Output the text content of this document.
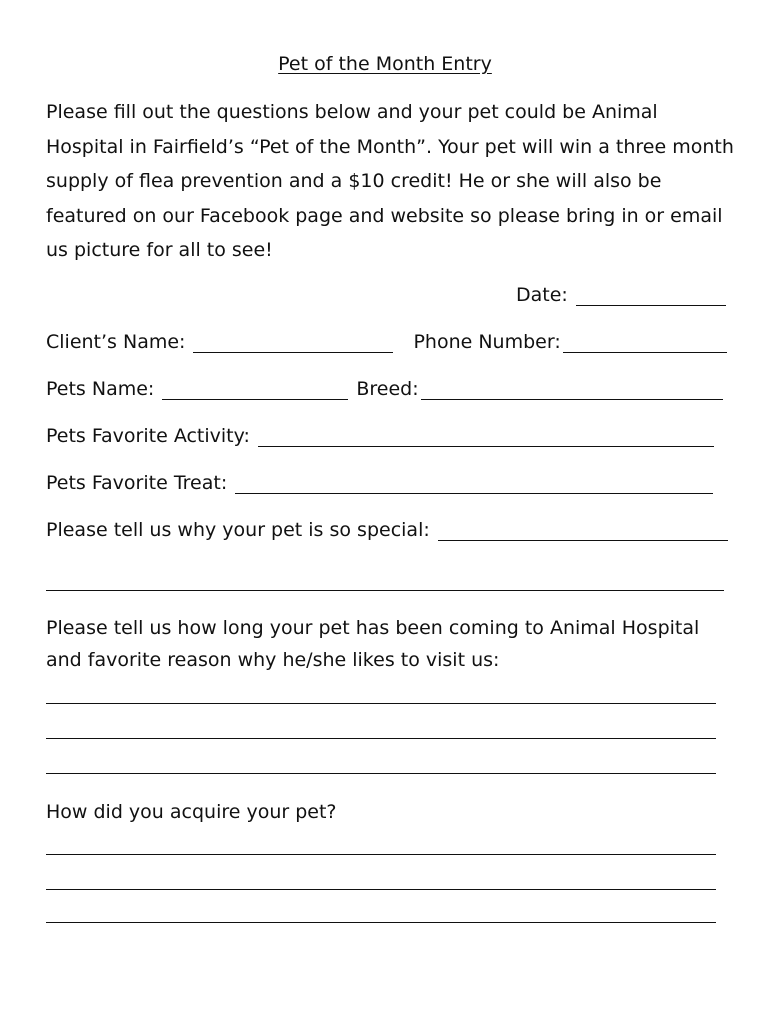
Pet of the Month Entry

Please fill out the questions below and your pet could be Animal Hospital in Fairfield’s “Pet of the Month”. Your pet will win a three month supply of flea prevention and a $10 credit! He or she will also be featured on our Facebook page and website so please bring in or email us picture for all to see!

Date:
Client’s Name:	Phone Number:
Pets Name:	Breed:
Pets Favorite Activity:
Pets Favorite Treat:
Please tell us why your pet is so special:

Please tell us how long your pet has been coming to Animal Hospital and favorite reason why he/she likes to visit us:

How did you acquire your pet?
